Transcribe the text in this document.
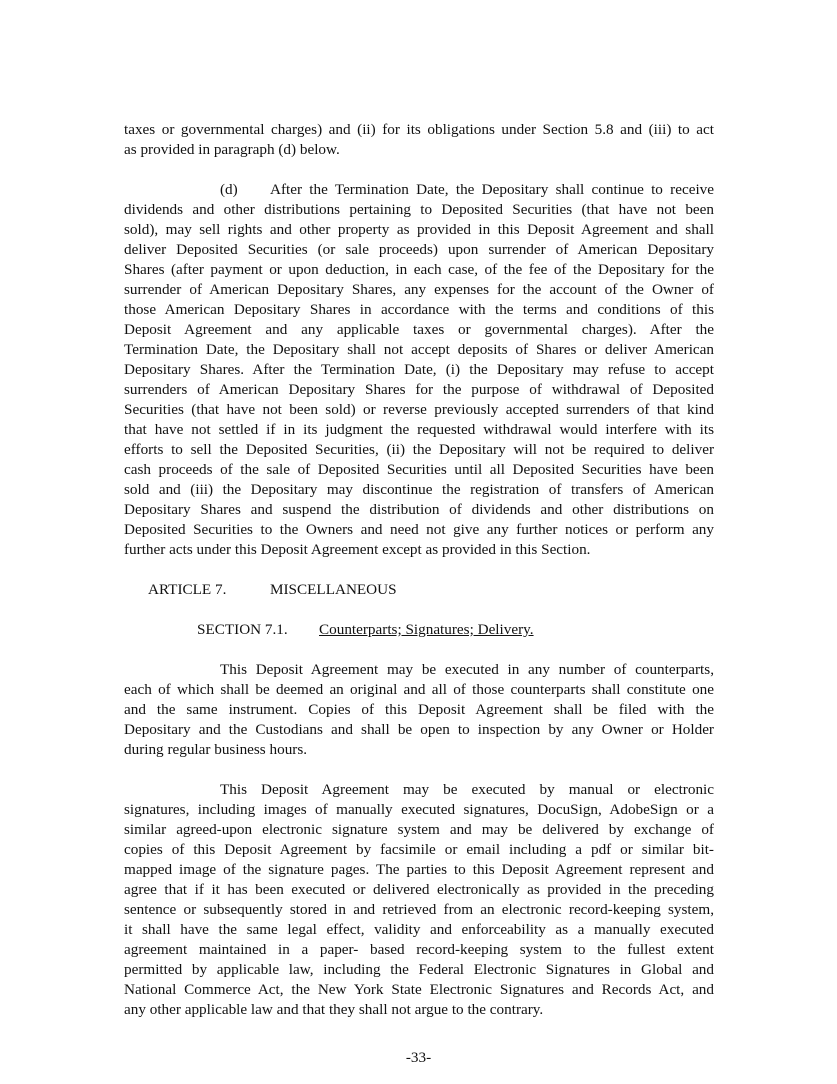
taxes or governmental charges) and (ii) for its obligations under Section 5.8 and (iii) to act
as provided in paragraph (d) below.
(d) After the Termination Date, the Depositary shall continue to receive
dividends and other distributions pertaining to Deposited Securities (that have not been
sold), may sell rights and other property as provided in this Deposit Agreement and shall
deliver Deposited Securities (or sale proceeds) upon surrender of American Depositary
Shares (after payment or upon deduction, in each case, of the fee of the Depositary for the
surrender of American Depositary Shares, any expenses for the account of the Owner of
those American Depositary Shares in accordance with the terms and conditions of this
Deposit Agreement and any applicable taxes or governmental charges). After the
Termination Date, the Depositary shall not accept deposits of Shares or deliver American
Depositary Shares. After the Termination Date, (i) the Depositary may refuse to accept
surrenders of American Depositary Shares for the purpose of withdrawal of Deposited
Securities (that have not been sold) or reverse previously accepted surrenders of that kind
that have not settled if in its judgment the requested withdrawal would interfere with its
efforts to sell the Deposited Securities, (ii) the Depositary will not be required to deliver
cash proceeds of the sale of Deposited Securities until all Deposited Securities have been
sold and (iii) the Depositary may discontinue the registration of transfers of American
Depositary Shares and suspend the distribution of dividends and other distributions on
Deposited Securities to the Owners and need not give any further notices or perform any
further acts under this Deposit Agreement except as provided in this Section.
ARTICLE 7.	MISCELLANEOUS
SECTION 7.1. Counterparts; Signatures; Delivery.
This Deposit Agreement may be executed in any number of counterparts,
each of which shall be deemed an original and all of those counterparts shall constitute one
and the same instrument. Copies of this Deposit Agreement shall be filed with the
Depositary and the Custodians and shall be open to inspection by any Owner or Holder
during regular business hours.
This Deposit Agreement may be executed by manual or electronic
signatures, including images of manually executed signatures, DocuSign, AdobeSign or a
similar agreed-upon electronic signature system and may be delivered by exchange of
copies of this Deposit Agreement by facsimile or email including a pdf or similar bit-
mapped image of the signature pages. The parties to this Deposit Agreement represent and
agree that if it has been executed or delivered electronically as provided in the preceding
sentence or subsequently stored in and retrieved from an electronic record-keeping system,
it shall have the same legal effect, validity and enforceability as a manually executed
agreement maintained in a paper- based record-keeping system to the fullest extent
permitted by applicable law, including the Federal Electronic Signatures in Global and
National Commerce Act, the New York State Electronic Signatures and Records Act, and
any other applicable law and that they shall not argue to the contrary.
-33-
